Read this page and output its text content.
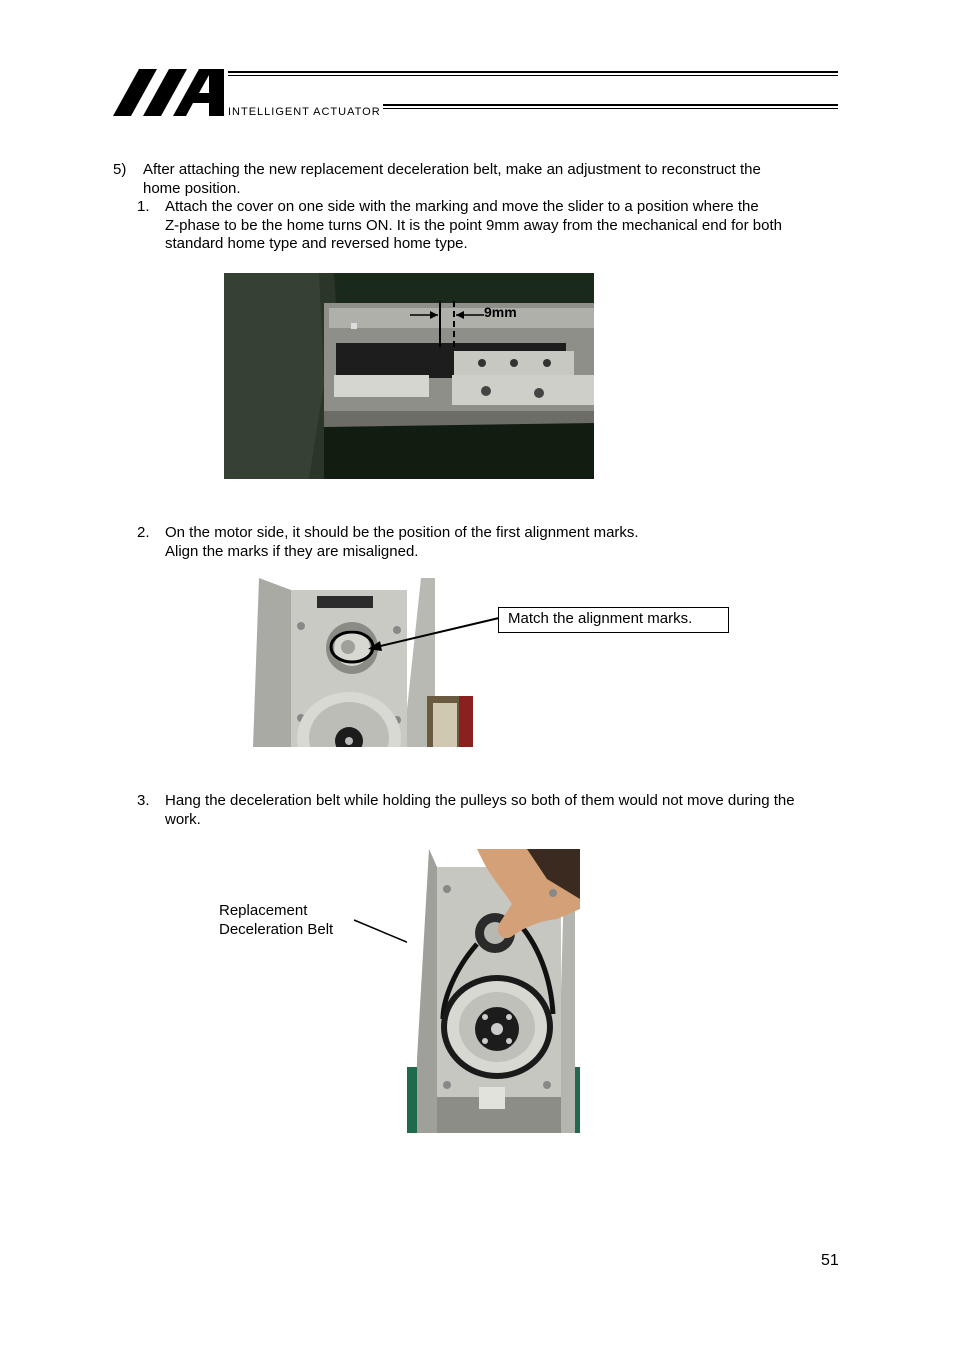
INTELLIGENT ACTUATOR
5) After attaching the new replacement deceleration belt, make an adjustment to reconstruct the
home position.
1. Attach the cover on one side with the marking and move the slider to a position where the
Z-phase to be the home turns ON. It is the point 9mm away from the mechanical end for both
standard home type and reversed home type.
9mm
2. On the motor side, it should be the position of the first alignment marks.
Align the marks if they are misaligned.
Match the alignment marks.
3. Hang the deceleration belt while holding the pulleys so both of them would not move during the
work.
Replacement
Deceleration Belt
51
